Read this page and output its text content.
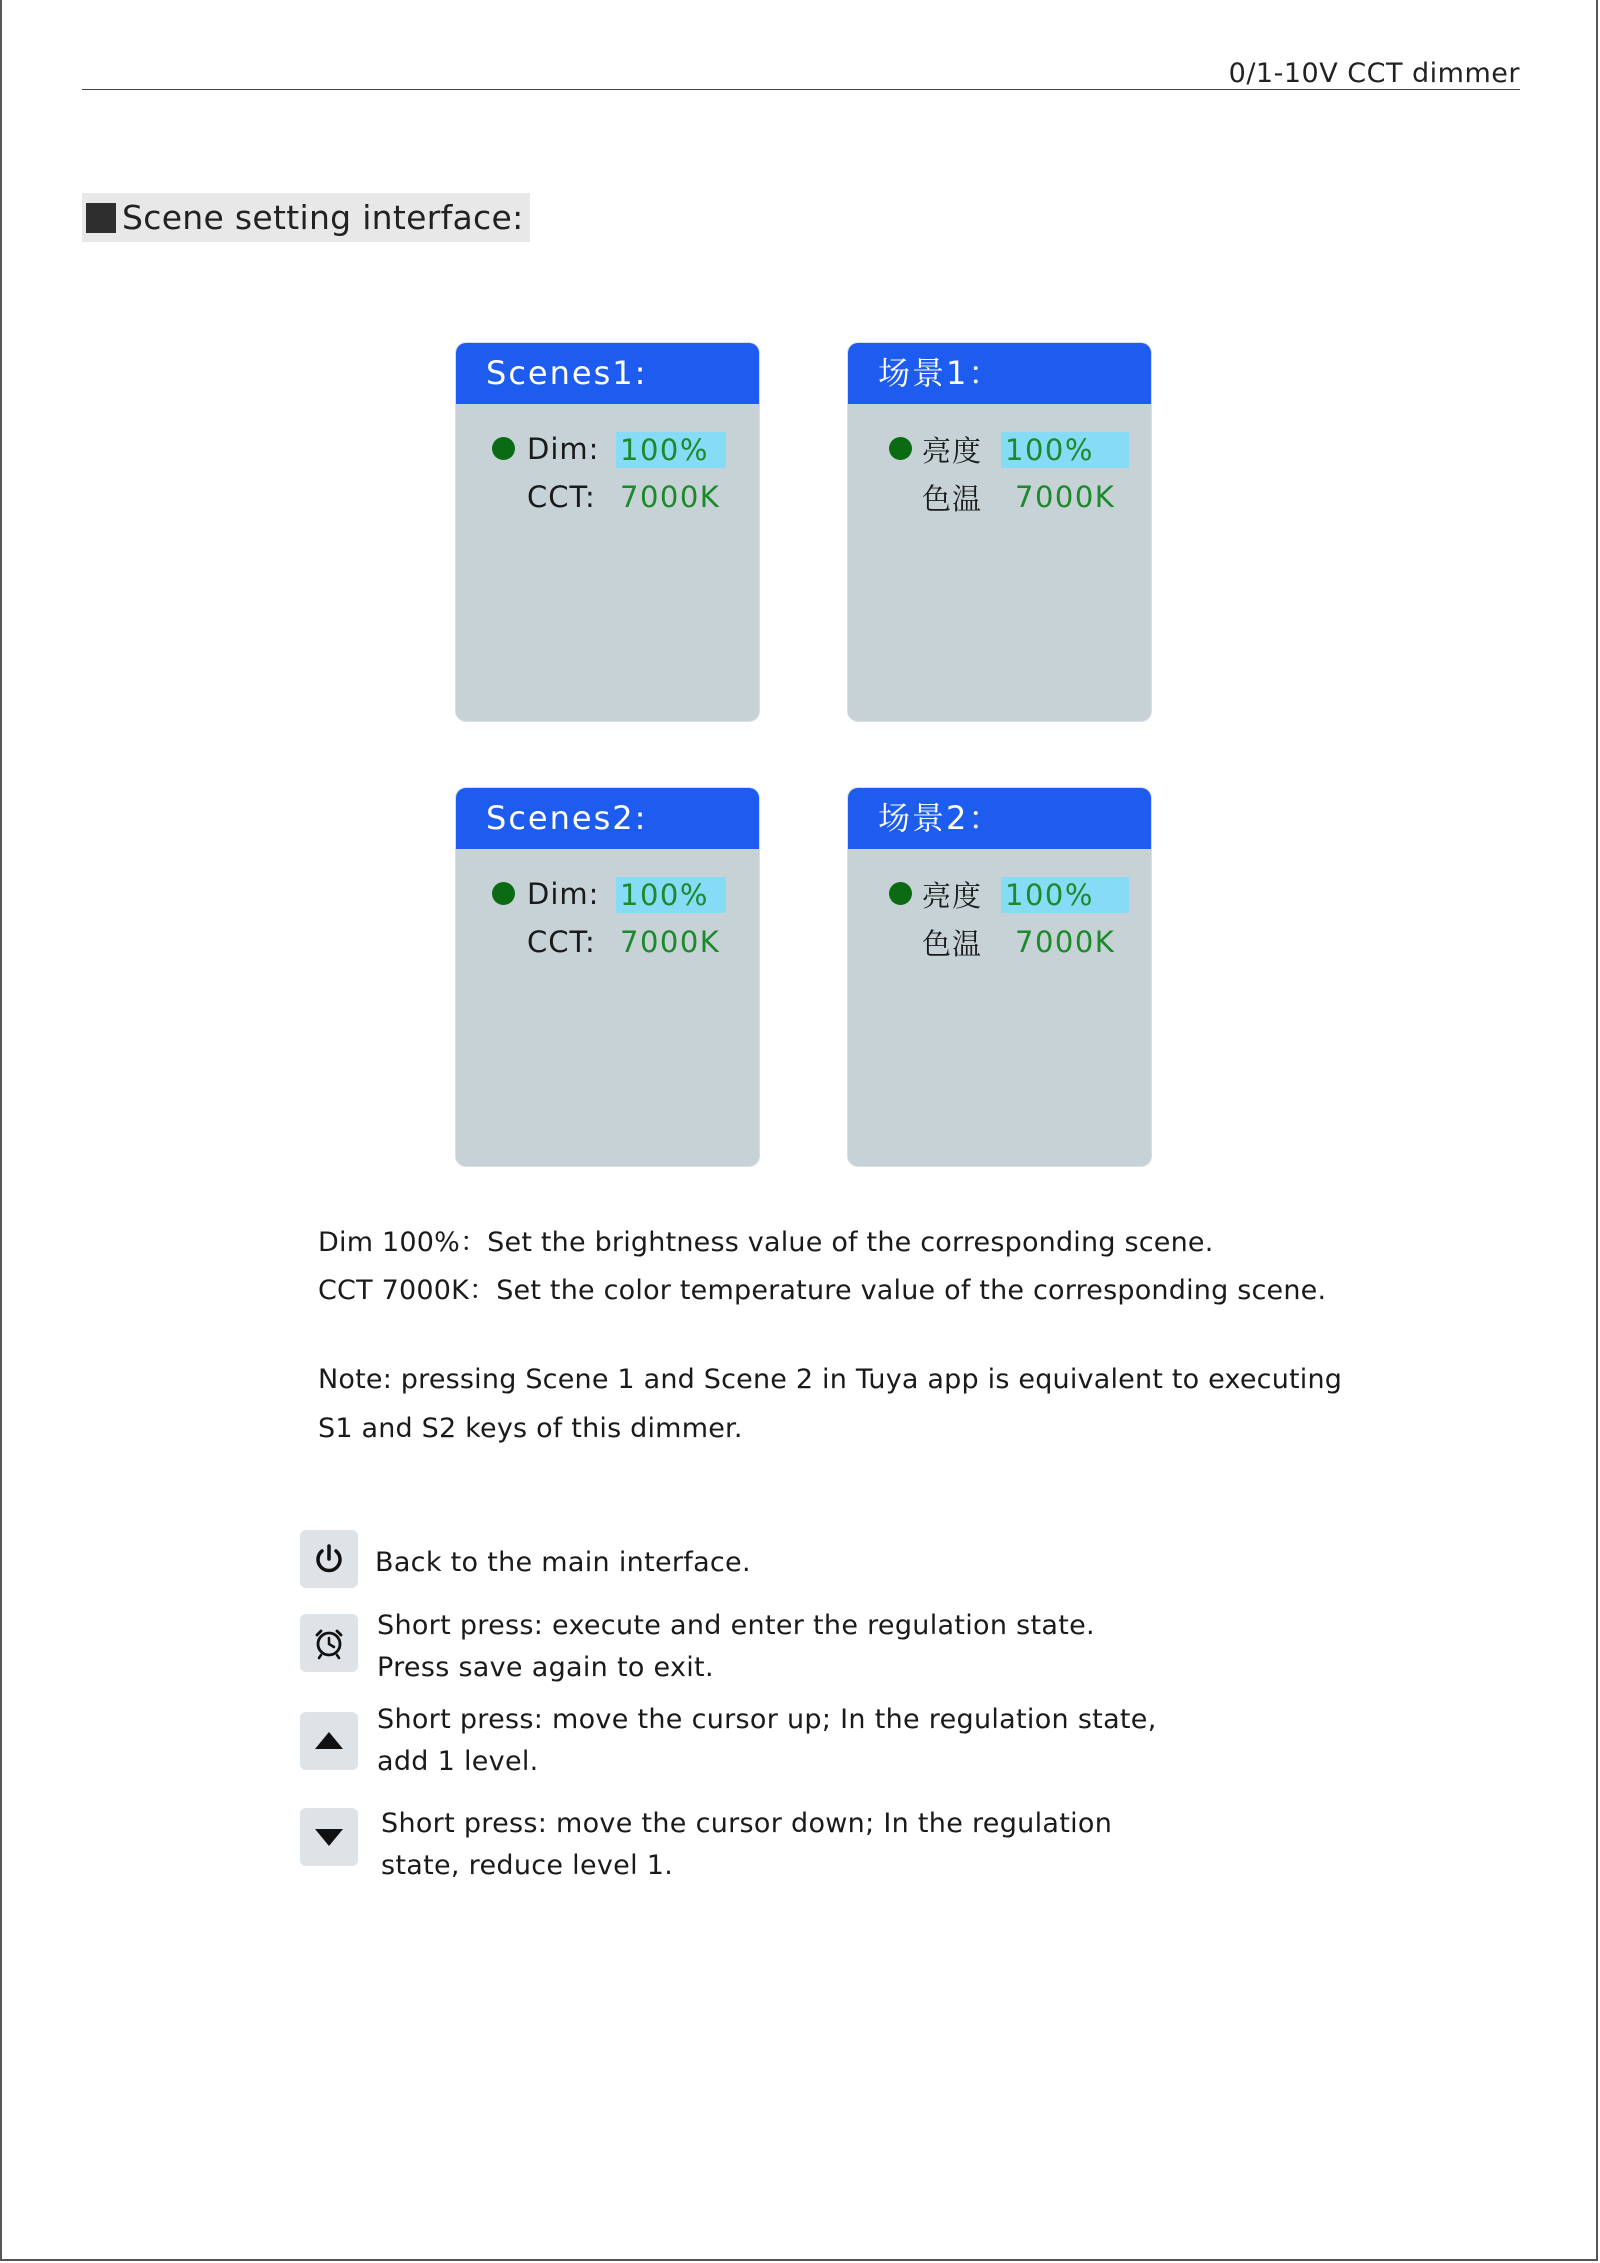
0/1-10V CCT dimmer
Scene setting interface:
Scenes1:
Dim: 100%
CCT: 7000K
场景1：
亮度 100%
色温 7000K
Scenes2:
Dim: 100%
CCT: 7000K
场景2：
亮度 100%
色温 7000K
Dim 100%：Set the brightness value of the corresponding scene.
CCT 7000K：Set the color temperature value of the corresponding scene.
Note: pressing Scene 1 and Scene 2 in Tuya app is equivalent to executing
S1 and S2 keys of this dimmer.
Back to the main interface.
Short press: execute and enter the regulation state.
Press save again to exit.
Short press: move the cursor up; In the regulation state,
add 1 level.
Short press: move the cursor down; In the regulation
state, reduce level 1.
